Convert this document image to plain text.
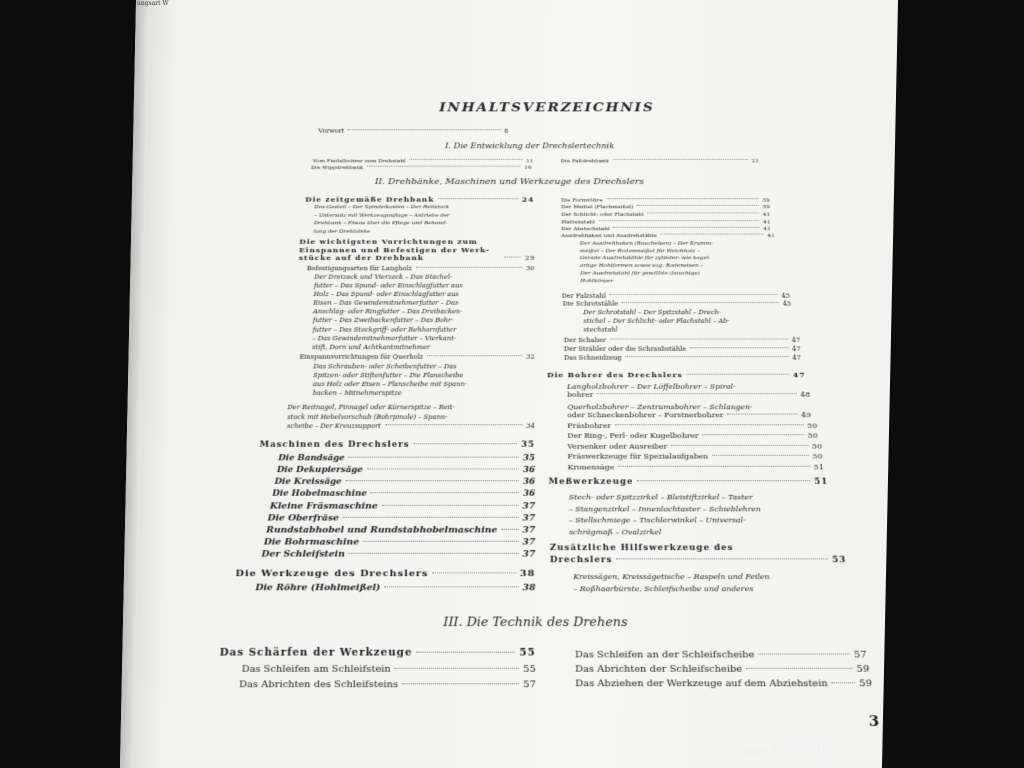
ungsart W
INHALTSVERZEICHNIS
Vorwort	6
I. Die Entwicklung der Drechslertechnik
Vom Fiedelbohrer zum Drehstahl	11
Die Wippdrehbank	16
Die Faßdrehbank	21
II. Drehbänke, Maschinen und Werkzeuge des Drechslers
Die zeitgemäße Drehbank	24
Das Gestell – Der Spindelkasten – Der Reitstock
– Untersatz mit Werkzeugauflage – Antriebe der
Drehbank – Etwas über die Pflege und Behand-
lung der Drehbänke
Die wichtigsten Vorrichtungen zum
Einspannen und Befestigen der Werk-
stücke auf der Drehbank	29
Befestigungsarten für Langholz	30
Der Dreizack und Vierzack – Das Stachel-
futter – Das Spund- oder Einschlagfutter aus
Holz – Das Spund- oder Einschlagfutter aus
Eisen – Das Gewindemitnehmerfutter – Das
Anschlag- oder Ringfutter – Das Dreibacken-
futter – Das Zweibackenfutter – Das Bohr-
futter – Das Stockgriff- oder Rehhornfutter
– Das Gewindemitnehmerfutter – Vierkant-
stift, Dorn und Achtkantmitnehmer
Einspannvorrichtungen für Querholz	32
Das Schrauben- oder Scheibenfutter – Das
Spitzen- oder Stiftenfutter – Die Planscheibe
aus Holz oder Eisen – Planscheibe mit Spann-
backen – Mitnehmerspitze
Der Reitnagel, Pinnagel oder Körnerspitze – Reit-
stock mit Hebelvorschub (Bohrpinole) – Spann-
scheibe – Der Kreuzsupport	34
Maschinen des Drechslers	35
Die Bandsäge	35
Die Dekupiersäge	36
Die Kreissäge	36
Die Hobelmaschine	36
Kleine Fräsmaschine	37
Die Oberfräse	37
Rundstabhobel und Rundstabhobelmaschine	37
Die Bohrmaschine	37
Der Schleifstein	37
Die Werkzeuge des Drechslers	38
Die Röhre (Hohlmeißel)	38
Die Formröhre	39
Der Meißel (Flachmeißel)	39
Der Schlicht- oder Flachstahl	41
Plattenstahl	41
Der Abstechstahl	41
Ausdrehhaken und Ausdrehstähle	41
Der Ausdrehhaken (Bauchelsen) – Der Krumm-
meißel – Der Bodenmeißel für Weichholz –
Gerade Ausdrehstähle für zylinder- wie kegel-
artige Hohlformen sowie sog. Bodeneisen –
Der Ausdrehstahl für gewölbte (bauchige)
Hohlkörper
Der Falzstahl	45
Die Schrotstähle	45
Der Schrotstahl – Der Spitzstahl – Drech-
stichel – Der Schlicht- oder Flachstahl – Ab-
stechstahl
Der Schaber	47
Der Strähler oder die Schraubstähle	47
Das Schneidzeug	47
Die Bohrer des Drechslers	47
Langholzbohrer – Der Löffelbohrer – Spiral-
bohrer	48
Querholzbohrer – Zentrumsbohrer – Schlangen-
oder Schneckenbohrer – Forstnerbohrer	49
Fräsbohrer	50
Der Ring-, Perl- oder Kugelbohrer	50
Versenker oder Ausreiber	50
Fräswerkzeuge für Spezialaufgaben	50
Kronensäge	51
Meßwerkzeuge	51
Stech- oder Spitzzirkel – Bleistiftzirkel – Taster
– Stangenzirkel – Innenlochtaster – Schieblehren
– Stellschmiege – Tischlerwinkel – Universal-
schrägmaß – Ovalzirkel
Zusätzliche Hilfswerkzeuge des
Drechslers	53
Kreissägen, Kreissägetische – Raspeln und Feilen
– Roßhaarbürste, Schleifscheibe und anderes
III. Die Technik des Drehens
Das Schärfen der Werkzeuge	55
Das Schleifen am Schleifstein	55
Das Abrichten des Schleifsteins	57
Das Schleifen an der Schleifscheibe	57
Das Abrichten der Schleifscheibe	59
Das Abziehen der Werkzeuge auf dem Abziehstein	59
3
© www.ProVeiling.nl
